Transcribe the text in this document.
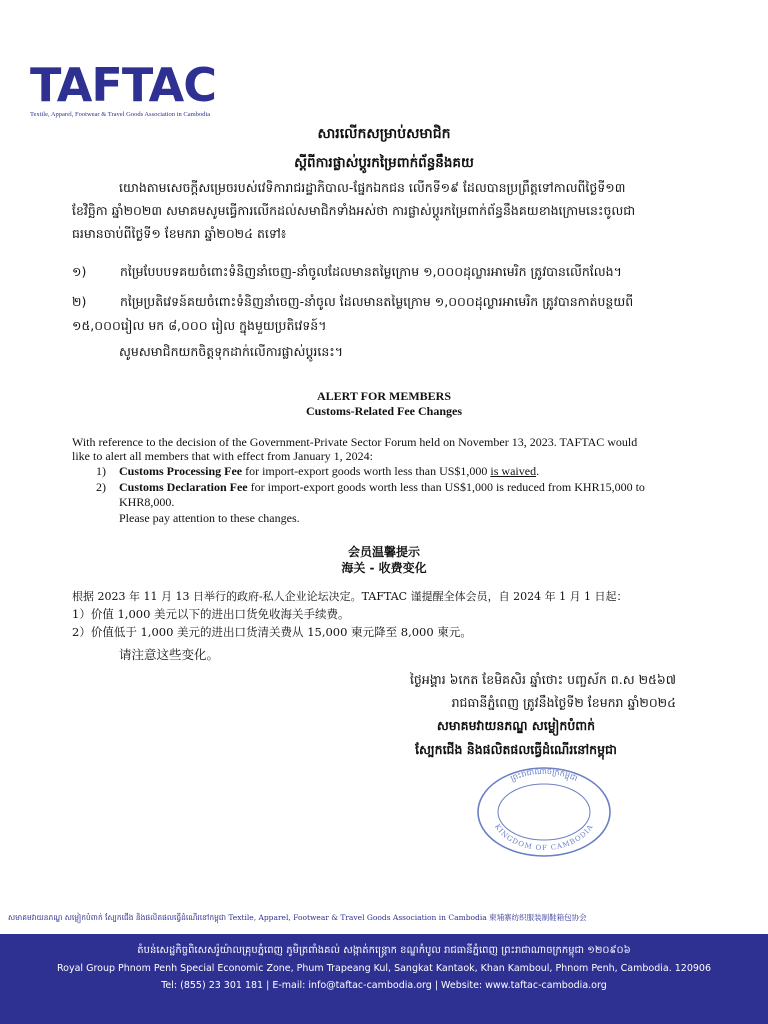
TAFTAC
Textile, Apparel, Footwear & Travel Goods Association in Cambodia
សារលើកសម្រាប់សមាជិក
ស្តីពីការផ្លាស់ប្តូរកម្រៃពាក់ព័ន្ធនឹងគយ
យោងតាមសេចក្តីសម្រេចរបស់វេទិការាជរដ្ឋាភិបាល-ផ្នែកឯកជន លើកទី១៩ ដែលបានប្រព្រឹត្តទៅកាលពីថ្ងៃទី១៣
ខែវិច្ឆិកា ឆ្នាំ២០២៣ សមាគមសូមធ្វើការលើកដល់សមាជិកទាំងអស់ថា ការផ្លាស់ប្តូរកម្រៃពាក់ព័ន្ធនឹងគយខាងក្រោមនេះចូលជា
ធរមានចាប់ពីថ្ងៃទី១ ខែមករា ឆ្នាំ២០២៤ តទៅ៖
១)	កម្រៃបែបបទគយចំពោះទំនិញនាំចេញ-នាំចូលដែលមានតម្លៃក្រោម ១,០០០ដុល្លារអាមេរិក ត្រូវបានលើកលែង។
២)	កម្រៃប្រតិវេទន៍គយចំពោះទំនិញនាំចេញ-នាំចូល ដែលមានតម្លៃក្រោម ១,០០០ដុល្លារអាមេរិក ត្រូវបានកាត់បន្ថយពី
១៥,០០០រៀល មក ៨,០០០ រៀល ក្នុងមួយប្រតិវេទន៍។
សូមសមាជិកយកចិត្តទុកដាក់លើការផ្លាស់ប្តូរនេះ។
ALERT FOR MEMBERS
Customs-Related Fee Changes
With reference to the decision of the Government-Private Sector Forum held on November 13, 2023. TAFTAC would
like to alert all members that with effect from January 1, 2024:
1) Customs Processing Fee for import-export goods worth less than US$1,000 is waived.
2) Customs Declaration Fee for import-export goods worth less than US$1,000 is reduced from KHR15,000 to
KHR8,000.
Please pay attention to these changes.
会员温馨提示
海关 - 收费变化
根据 2023 年 11 月 13 日举行的政府-私人企业论坛决定。TAFTAC 谨提醒全体会员，自 2024 年 1 月 1 日起：
1）价值 1,000 美元以下的进出口货免收海关手续费。
2）价值低于 1,000 美元的进出口货清关费从 15,000 柬元降至 8,000 柬元。
请注意这些变化。
ថ្ងៃអង្គារ ៦កេត ខែមិគសិរ ឆ្នាំថោះ បញ្ចស័ក ព.ស ២៥៦៧
រាជធានីភ្នំពេញ ត្រូវនឹងថ្ងៃទី២ ខែមករា ឆ្នាំ២០២៤
សមាគមវាយនភណ្ឌ សម្លៀកបំពាក់
ស្បែកជើង និងផលិតផលធ្វើដំណើរនៅកម្ពុជា
ព្រះរាជាណាចក្រកម្ពុជា
KINGDOM OF CAMBODIA
សមាគមវាយនភណ្ឌ សម្លៀកបំពាក់ ស្បែកជើង និងផលិតផលធ្វើដំណើរនៅកម្ពុជា Textile, Apparel, Footwear & Travel Goods Association in Cambodia 柬埔寨纺织服装制鞋箱包协会
តំបន់សេដ្ឋកិច្ចពិសេសរ៉ូយ៉ាលគ្រុបភ្នំពេញ ភូមិត្រពាំងគល់ សង្កាត់កន្ត្រោក ខណ្ឌកំបូល រាជធានីភ្នំពេញ ព្រះរាជាណាចក្រកម្ពុជា ១២០៩០៦
Royal Group Phnom Penh Special Economic Zone, Phum Trapeang Kul, Sangkat Kantaok, Khan Kamboul, Phnom Penh, Cambodia. 120906
Tel: (855) 23 301 181 | E-mail: info@taftac-cambodia.org | Website: www.taftac-cambodia.org
